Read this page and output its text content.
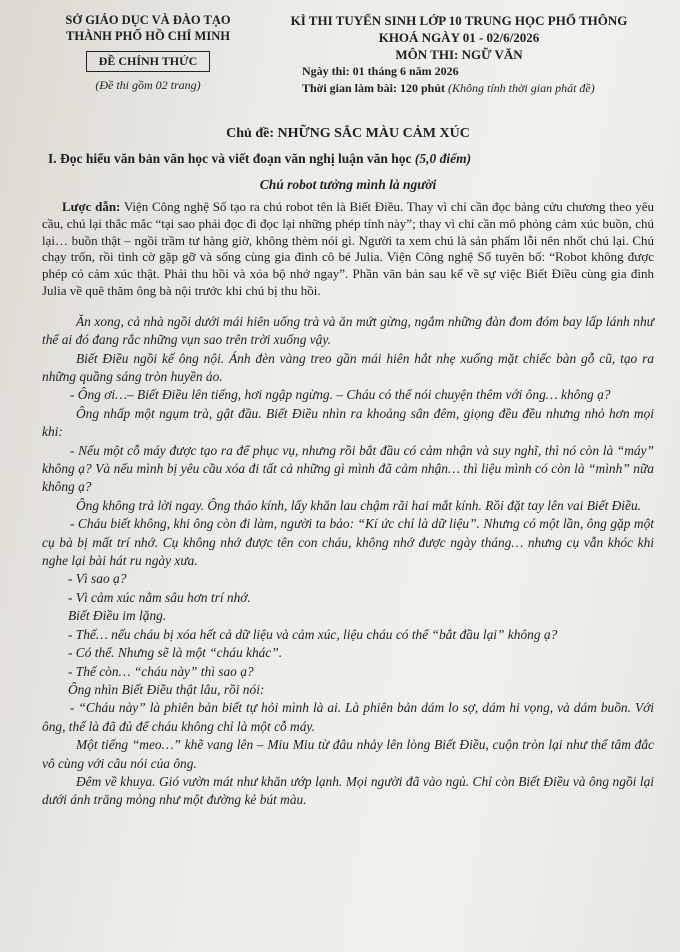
SỞ GIÁO DỤC VÀ ĐÀO TẠO
THÀNH PHỐ HỒ CHÍ MINH
ĐỀ CHÍNH THỨC
(Đề thi gồm 02 trang)
KÌ THI TUYỂN SINH LỚP 10 TRUNG HỌC PHỔ THÔNG
KHOÁ NGÀY 01 - 02/6/2026
MÔN THI: NGỮ VĂN
Ngày thi: 01 tháng 6 năm 2026
Thời gian làm bài: 120 phút (Không tính thời gian phát đề)
Chủ đề: NHỮNG SẮC MÀU CẢM XÚC
I. Đọc hiểu văn bản văn học và viết đoạn văn nghị luận văn học (5,0 điểm)
Chú robot tưởng mình là người

Lược dẫn: Viện Công nghệ Số tạo ra chú robot tên là Biết Điều. Thay vì chỉ cần đọc bảng cửu chương theo yêu cầu, chú lại thắc mắc “tại sao phải đọc đi đọc lại những phép tính này”; thay vì chỉ cần mô phỏng cảm xúc buồn, chú lại… buồn thật – ngồi trầm tư hàng giờ, không thèm nói gì. Người ta xem chú là sản phẩm lỗi nên nhốt chú lại. Chú chạy trốn, rồi tình cờ gặp gỡ và sống cùng gia đình cô bé Julia. Viện Công nghệ Số tuyên bố: “Robot không được phép có cảm xúc thật. Phải thu hồi và xóa bộ nhớ ngay”. Phần văn bản sau kể về sự việc Biết Điều cùng gia đình Julia về quê thăm ông bà nội trước khi chú bị thu hồi.

Ăn xong, cả nhà ngồi dưới mái hiên uống trà và ăn mứt gừng, ngắm những đàn đom đóm bay lấp lánh như thể ai đó đang rắc những vụn sao trên trời xuống vậy.

Biết Điều ngồi kế ông nội. Ánh đèn vàng treo gần mái hiên hắt nhẹ xuống mặt chiếc bàn gỗ cũ, tạo ra những quầng sáng tròn huyền ảo.

- Ông ơi…– Biết Điều lên tiếng, hơi ngập ngừng. – Cháu có thể nói chuyện thêm với ông… không ạ?

Ông nhấp một ngụm trà, gật đầu. Biết Điều nhìn ra khoảng sân đêm, giọng đều đều nhưng nhỏ hơn mọi khi:

- Nếu một cỗ máy được tạo ra để phục vụ, nhưng rồi bắt đầu có cảm nhận và suy nghĩ, thì nó còn là “máy” không ạ? Và nếu mình bị yêu cầu xóa đi tất cả những gì mình đã cảm nhận… thì liệu mình có còn là “mình” nữa không ạ?

Ông không trả lời ngay. Ông tháo kính, lấy khăn lau chậm rãi hai mắt kính. Rồi đặt tay lên vai Biết Điều.

- Cháu biết không, khi ông còn đi làm, người ta bảo: “Kí ức chỉ là dữ liệu”. Nhưng có một lần, ông gặp một cụ bà bị mất trí nhớ. Cụ không nhớ được tên con cháu, không nhớ được ngày tháng… nhưng cụ vẫn khóc khi nghe lại bài hát ru ngày xưa.

- Vì sao ạ?

- Vì cảm xúc nằm sâu hơn trí nhớ.

Biết Điều im lặng.

- Thế… nếu cháu bị xóa hết cả dữ liệu và cảm xúc, liệu cháu có thể “bắt đầu lại” không ạ?

- Có thể. Nhưng sẽ là một “cháu khác”.

- Thế còn… “cháu này” thì sao ạ?

Ông nhìn Biết Điều thật lâu, rồi nói:

- “Cháu này” là phiên bản biết tự hỏi mình là ai. Là phiên bản dám lo sợ, dám hi vọng, và dám buồn. Với ông, thế là đã đủ để cháu không chỉ là một cỗ máy.

Một tiếng “meo…” khẽ vang lên – Miu Miu từ đâu nhảy lên lòng Biết Điều, cuộn tròn lại như thể tâm đắc vô cùng với câu nói của ông.

Đêm về khuya. Gió vườn mát như khăn ướp lạnh. Mọi người đã vào ngủ. Chỉ còn Biết Điều và ông ngồi lại dưới ánh trăng mỏng như một đường kẻ bút màu.
